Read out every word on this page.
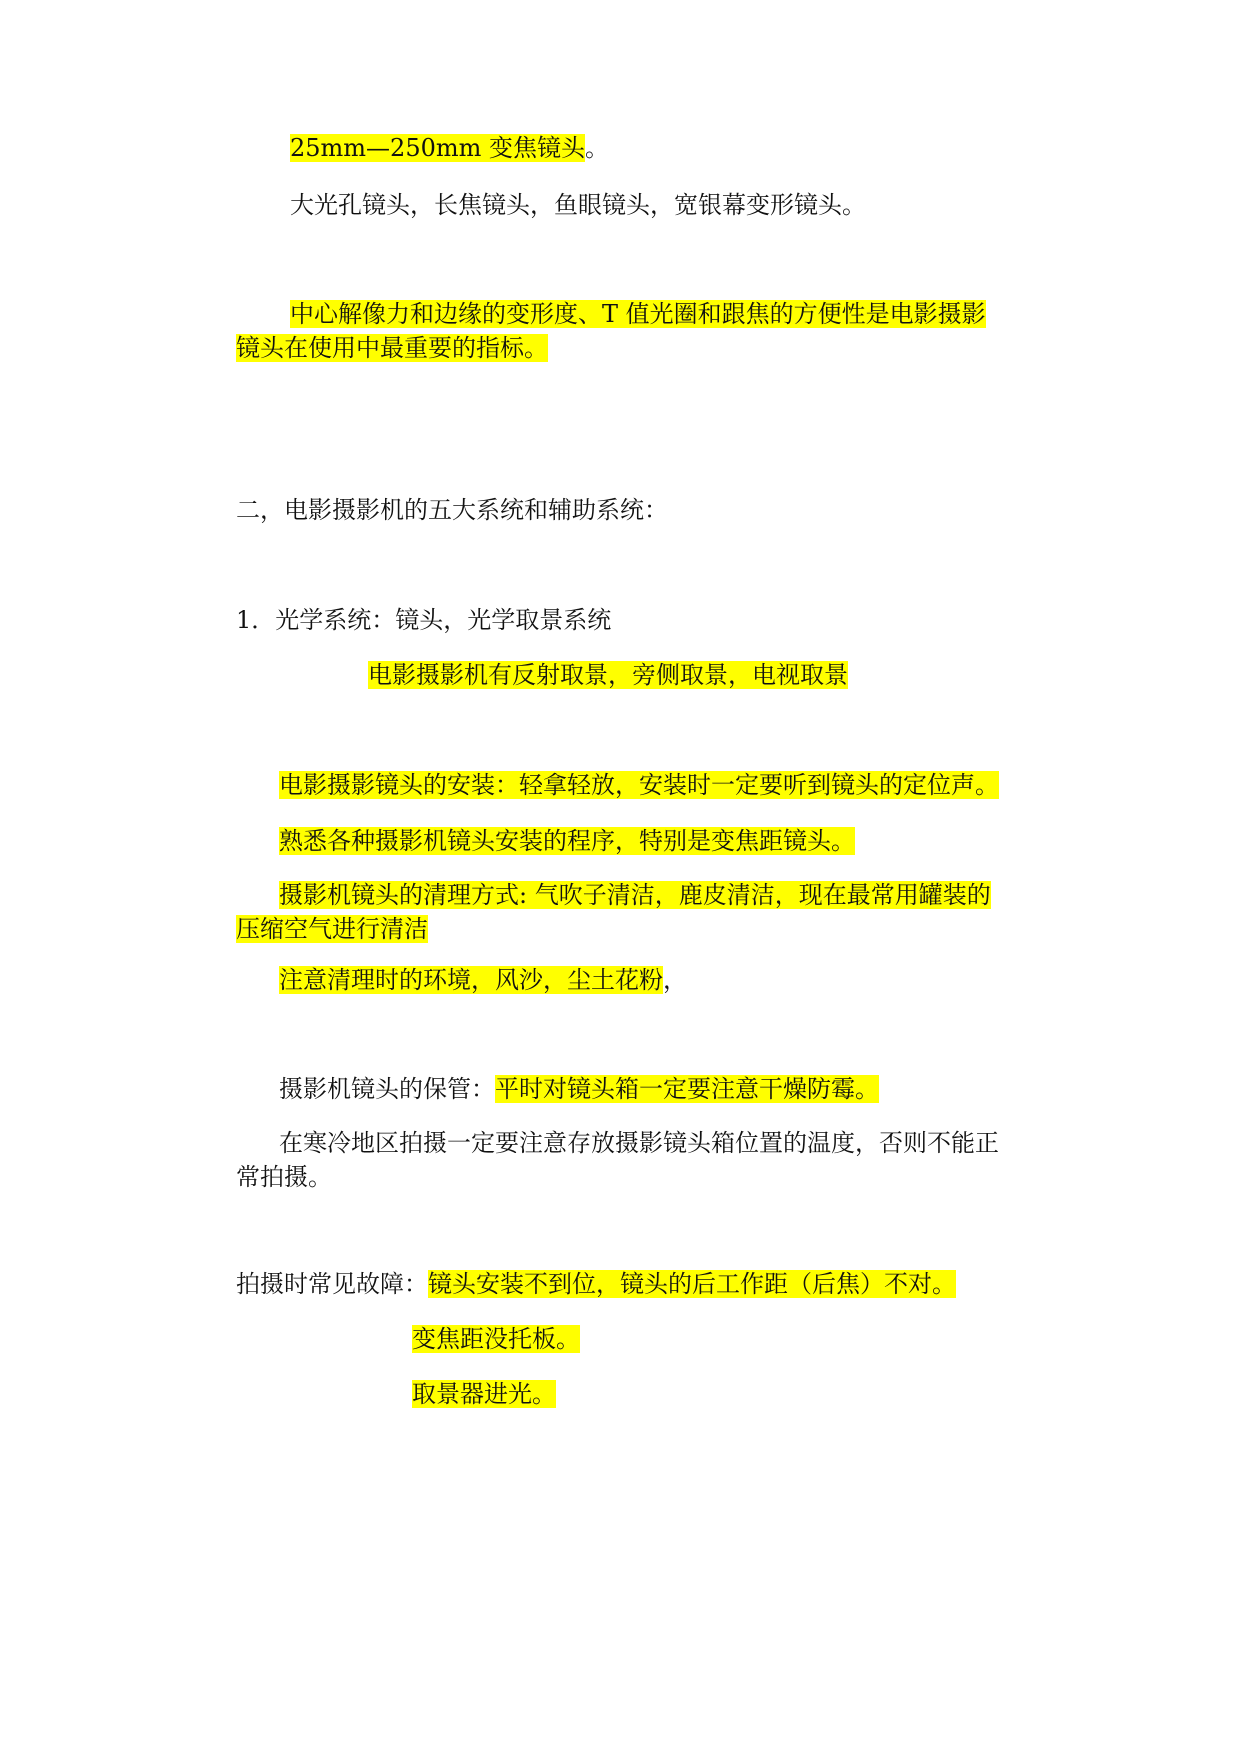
25mm—250mm 变焦镜头。

大光孔镜头，长焦镜头，鱼眼镜头，宽银幕变形镜头。

中心解像力和边缘的变形度、T 值光圈和跟焦的方便性是电影摄影
镜头在使用中最重要的指标。

二，电影摄影机的五大系统和辅助系统：

1．光学系统：镜头，光学取景系统

电影摄影机有反射取景，旁侧取景，电视取景

电影摄影镜头的安装：轻拿轻放，安装时一定要听到镜头的定位声。

熟悉各种摄影机镜头安装的程序，特别是变焦距镜头。

摄影机镜头的清理方式: 气吹子清洁，鹿皮清洁，现在最常用罐装的
压缩空气进行清洁

注意清理时的环境，风沙，尘土花粉，

摄影机镜头的保管：平时对镜头箱一定要注意干燥防霉。

在寒冷地区拍摄一定要注意存放摄影镜头箱位置的温度，否则不能正
常拍摄。

拍摄时常见故障：镜头安装不到位，镜头的后工作距（后焦）不对。

变焦距没托板。

取景器进光。
